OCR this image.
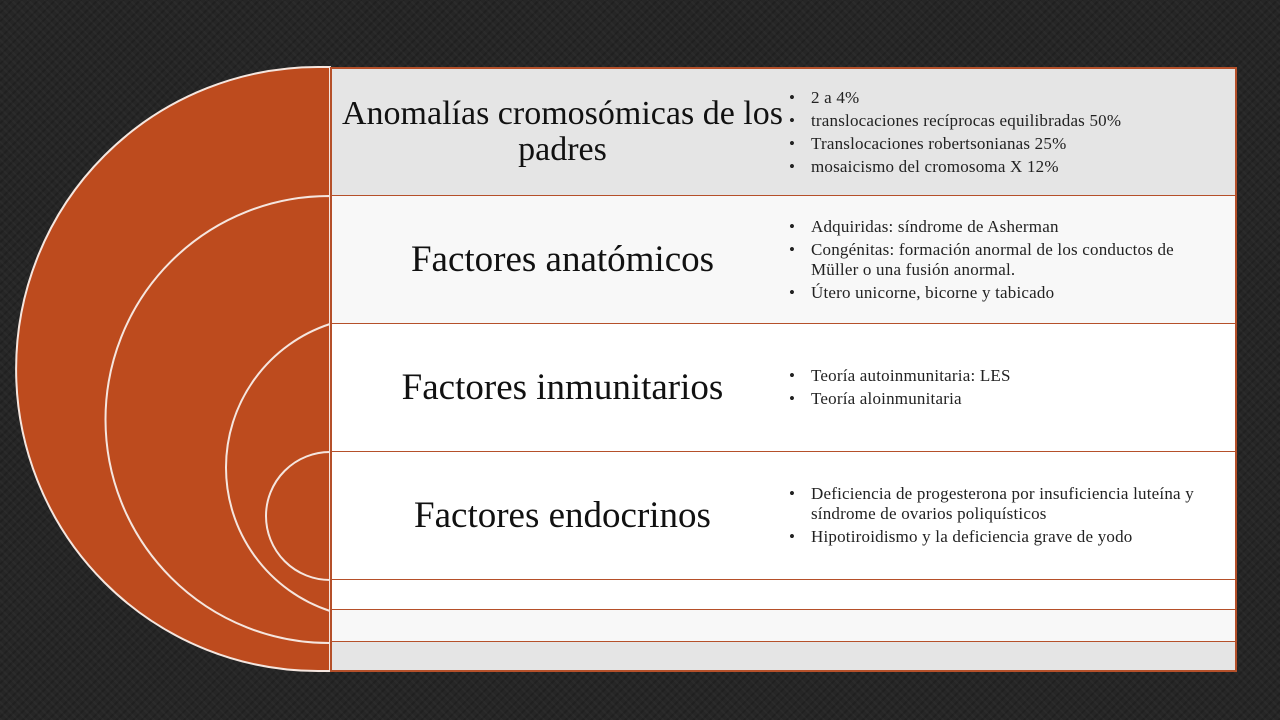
Anomalías cromosómicas de los padres
• 2 a 4%
• translocaciones recíprocas equilibradas 50%
• Translocaciones robertsonianas 25%
• mosaicismo del cromosoma X 12%
Factores anatómicos
• Adquiridas: síndrome de Asherman
• Congénitas: formación anormal de los conductos de Müller o una fusión anormal.
• Útero unicorne, bicorne y tabicado
Factores inmunitarios
•	Teoría autoinmunitaria: LES
• Teoría aloinmunitaria
Factores endocrinos
• Deficiencia de progesterona por insuficiencia luteína y síndrome de ovarios poliquísticos
• Hipotiroidismo y la deficiencia grave de yodo
